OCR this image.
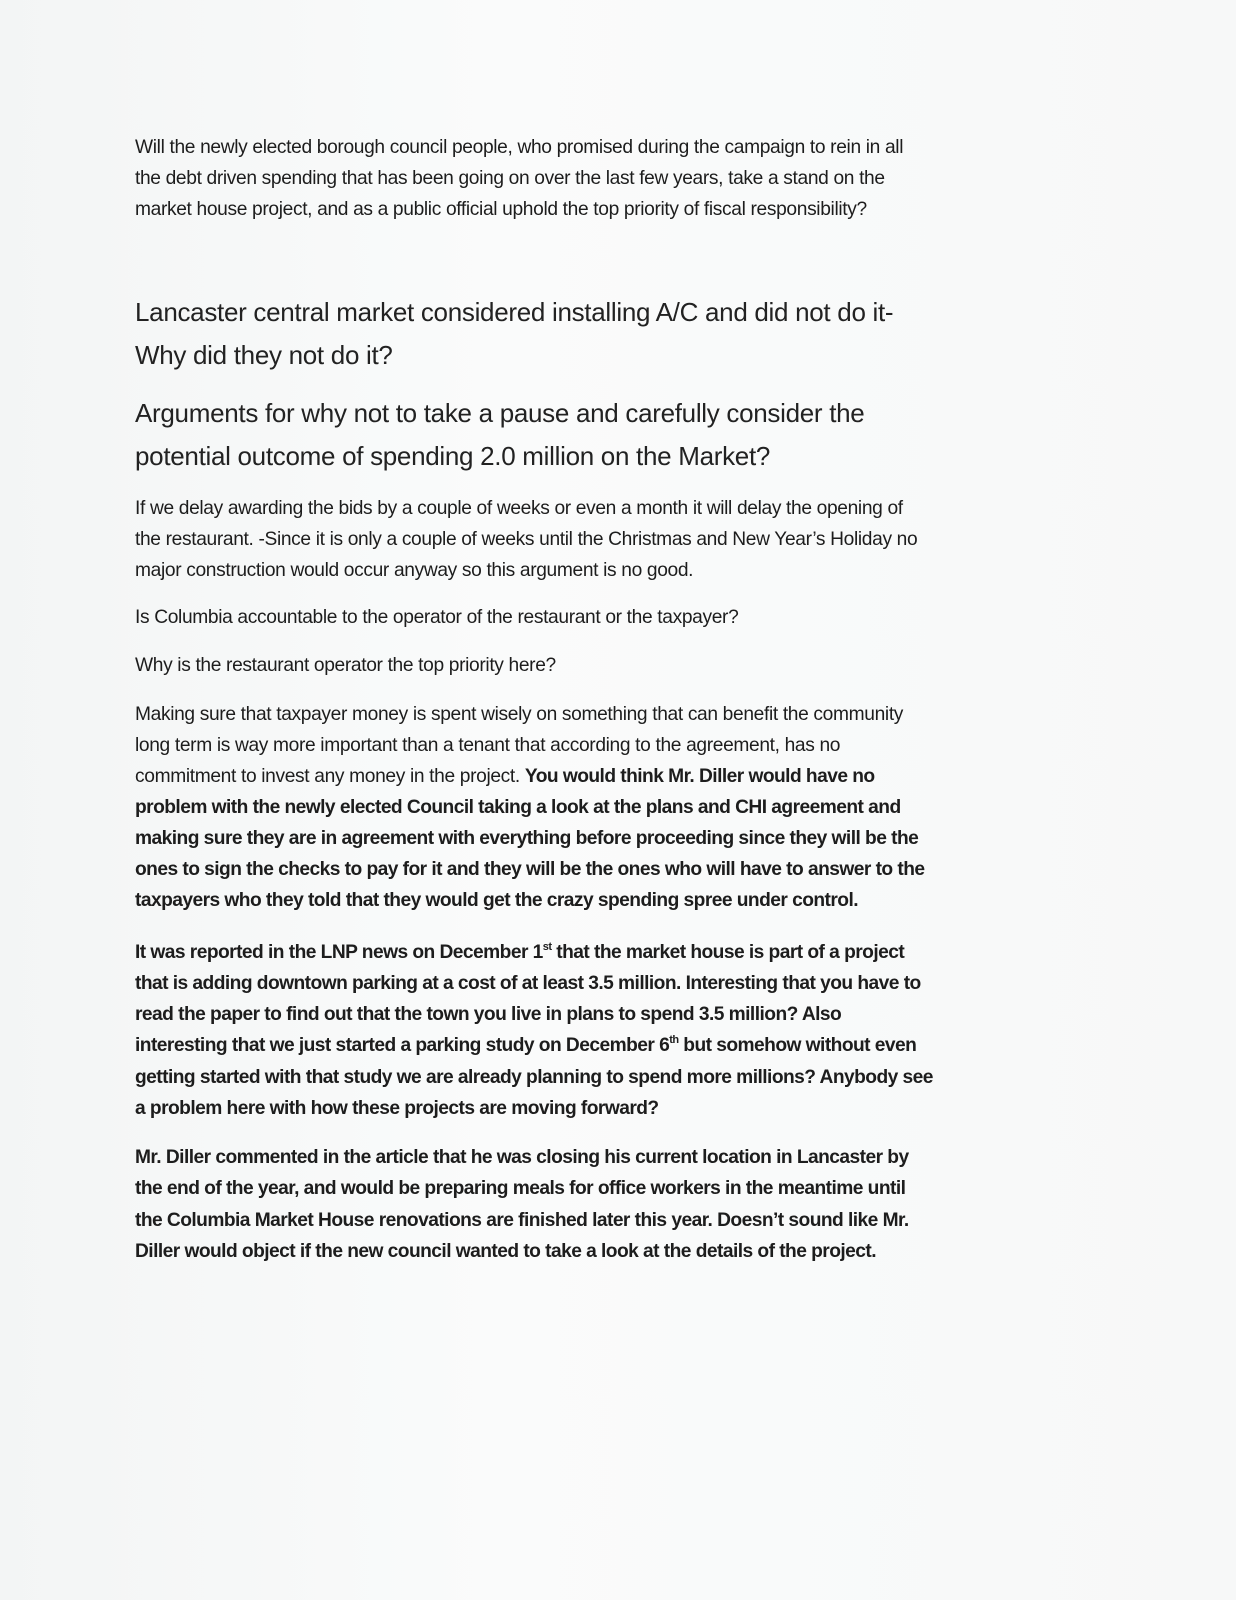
Will the newly elected borough council people, who promised during the campaign to rein in all
the debt driven spending that has been going on over the last few years, take a stand on the
market house project, and as a public official uphold the top priority of fiscal responsibility?
Lancaster central market considered installing A/C and did not do it-
Why did they not do it?
Arguments for why not to take a pause and carefully consider the
potential outcome of spending 2.0 million on the Market?
If we delay awarding the bids by a couple of weeks or even a month it will delay the opening of
the restaurant. -Since it is only a couple of weeks until the Christmas and New Year’s Holiday no
major construction would occur anyway so this argument is no good.
Is Columbia accountable to the operator of the restaurant or the taxpayer?
Why is the restaurant operator the top priority here?
Making sure that taxpayer money is spent wisely on something that can benefit the community
long term is way more important than a tenant that according to the agreement, has no
commitment to invest any money in the project. You would think Mr. Diller would have no
problem with the newly elected Council taking a look at the plans and CHI agreement and
making sure they are in agreement with everything before proceeding since they will be the
ones to sign the checks to pay for it and they will be the ones who will have to answer to the
taxpayers who they told that they would get the crazy spending spree under control.
It was reported in the LNP news on December 1st that the market house is part of a project
that is adding downtown parking at a cost of at least 3.5 million. Interesting that you have to
read the paper to find out that the town you live in plans to spend 3.5 million? Also
interesting that we just started a parking study on December 6th but somehow without even
getting started with that study we are already planning to spend more millions? Anybody see
a problem here with how these projects are moving forward?
Mr. Diller commented in the article that he was closing his current location in Lancaster by
the end of the year, and would be preparing meals for office workers in the meantime until
the Columbia Market House renovations are finished later this year. Doesn’t sound like Mr.
Diller would object if the new council wanted to take a look at the details of the project.
